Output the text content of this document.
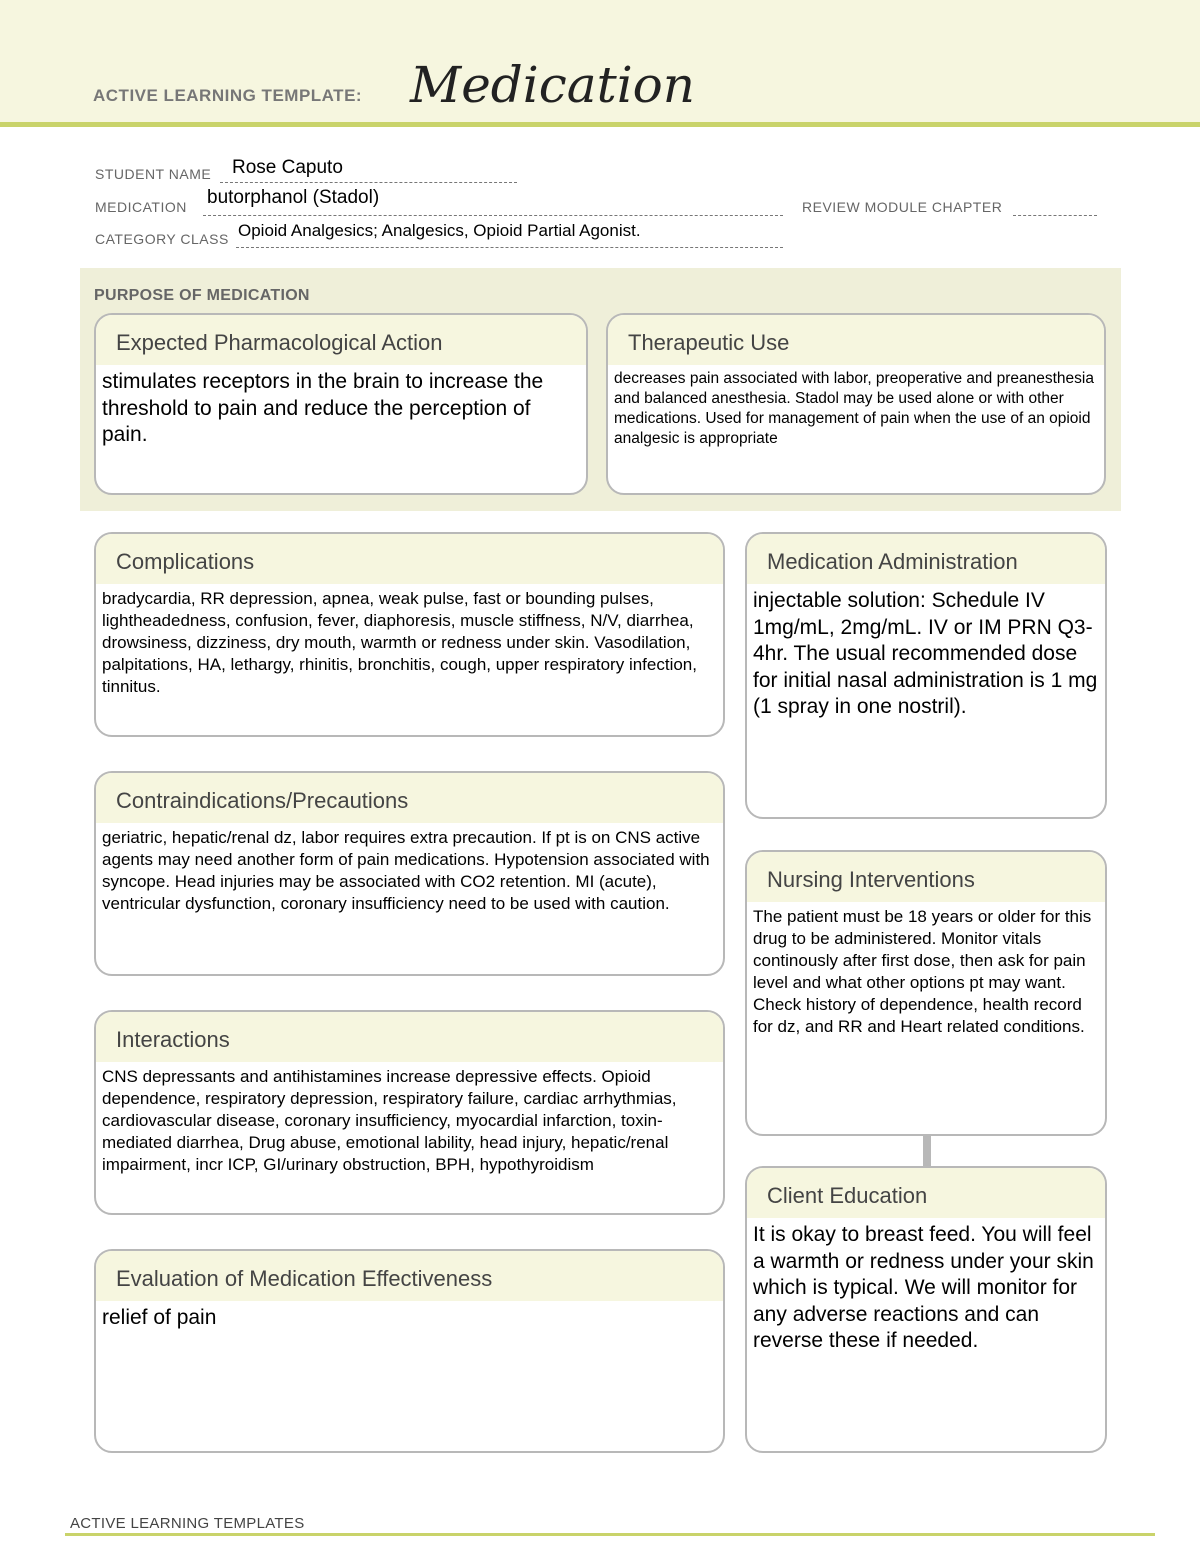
ACTIVE LEARNING TEMPLATE: Medication
STUDENT NAME Rose Caputo
MEDICATION butorphanol (Stadol)	REVIEW MODULE CHAPTER
CATEGORY CLASS Opioid Analgesics; Analgesics, Opioid Partial Agonist.
PURPOSE OF MEDICATION
Expected Pharmacological Action
stimulates receptors in the brain to increase the threshold to pain and reduce the perception of pain.
Therapeutic Use
decreases pain associated with labor, preoperative and preanesthesia and balanced anesthesia. Stadol may be used alone or with other medications. Used for management of pain when the use of an opioid analgesic is appropriate
Complications
bradycardia, RR depression, apnea, weak pulse, fast or bounding pulses, lightheadedness, confusion, fever, diaphoresis, muscle stiffness, N/V, diarrhea, drowsiness, dizziness, dry mouth, warmth or redness under skin. Vasodilation, palpitations, HA, lethargy, rhinitis, bronchitis, cough, upper respiratory infection, tinnitus.
Contraindications/Precautions
geriatric, hepatic/renal dz, labor requires extra precaution. If pt is on CNS active agents may need another form of pain medications. Hypotension associated with syncope. Head injuries may be associated with CO2 retention. MI (acute), ventricular dysfunction, coronary insufficiency need to be used with caution.
Interactions
CNS depressants and antihistamines increase depressive effects. Opioid dependence, respiratory depression, respiratory failure, cardiac arrhythmias, cardiovascular disease, coronary insufficiency, myocardial infarction, toxin-mediated diarrhea, Drug abuse, emotional lability, head injury, hepatic/renal impairment, incr ICP, GI/urinary obstruction, BPH, hypothyroidism
Evaluation of Medication Effectiveness
relief of pain
Medication Administration
injectable solution: Schedule IV 1mg/mL, 2mg/mL. IV or IM PRN Q3-4hr. The usual recommended dose for initial nasal administration is 1 mg (1 spray in one nostril).
Nursing Interventions
The patient must be 18 years or older for this drug to be administered. Monitor vitals continously after first dose, then ask for pain level and what other options pt may want. Check history of dependence, health record for dz, and RR and Heart related conditions.
Client Education
It is okay to breast feed. You will feel a warmth or redness under your skin which is typical. We will monitor for any adverse reactions and can reverse these if needed.
ACTIVE LEARNING TEMPLATES
